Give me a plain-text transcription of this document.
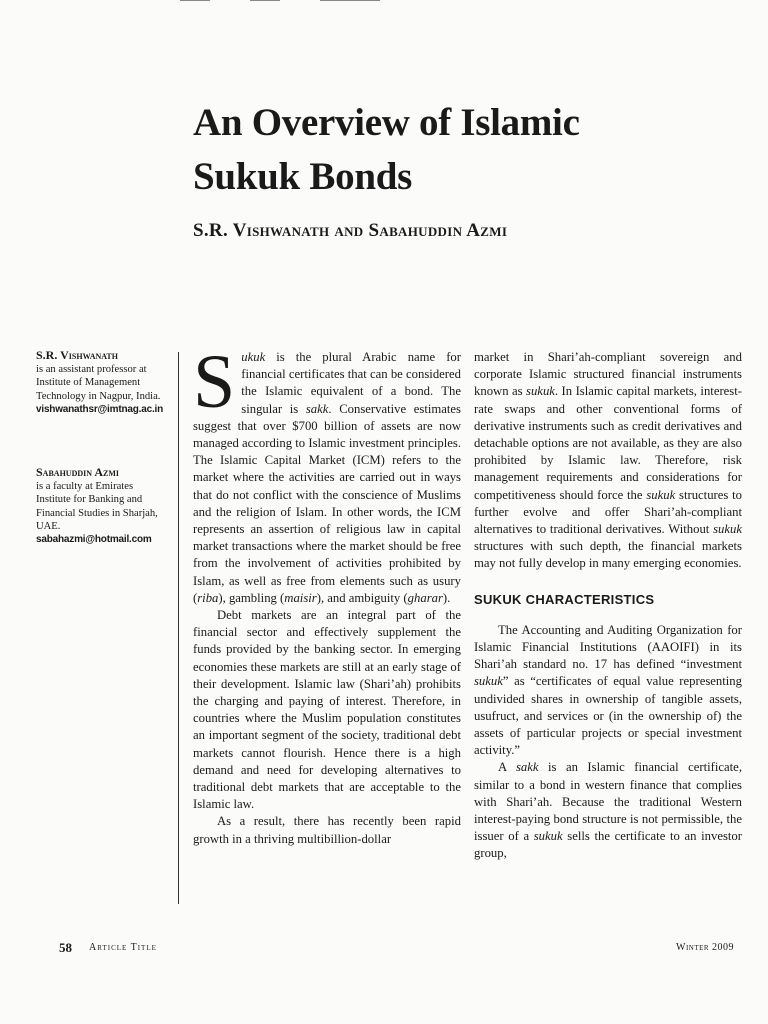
An Overview of Islamic
Sukuk Bonds
S.R. Vishwanath and Sabahuddin Azmi
S.R. Vishwanath
is an assistant professor at Institute of Management Technology in Nagpur, India.
vishwanathsr@imtnag.ac.in
Sabahuddin Azmi
is a faculty at Emirates Institute for Banking and Financial Studies in Sharjah, UAE.
sabahazmi@hotmail.com

Sukuk is the plural Arabic name for financial certificates that can be considered the Islamic equivalent of a bond. The singular is sakk. Conservative estimates suggest that over $700 billion of assets are now managed according to Islamic investment principles. The Islamic Capital Market (ICM) refers to the market where the activities are carried out in ways that do not conflict with the conscience of Muslims and the religion of Islam. In other words, the ICM represents an assertion of religious law in capital market transactions where the market should be free from the involvement of activities prohibited by Islam, as well as free from elements such as usury (riba), gambling (maisir), and ambiguity (gharar).

Debt markets are an integral part of the financial sector and effectively supplement the funds provided by the banking sector. In emerging economies these markets are still at an early stage of their development. Islamic law (Shari’ah) prohibits the charging and paying of interest. Therefore, in countries where the Muslim population constitutes an important segment of the society, traditional debt markets cannot flourish. Hence there is a high demand and need for developing alternatives to traditional debt markets that are acceptable to the Islamic law.

As a result, there has recently been rapid growth in a thriving multibillion-dollar

market in Shari’ah-compliant sovereign and corporate Islamic structured financial instruments known as sukuk. In Islamic capital markets, interest-rate swaps and other conventional forms of derivative instruments such as credit derivatives and detachable options are not available, as they are also prohibited by Islamic law. Therefore, risk management requirements and considerations for competitiveness should force the sukuk structures to further evolve and offer Shari’ah-compliant alternatives to traditional derivatives. Without sukuk structures with such depth, the financial markets may not fully develop in many emerging economies.

SUKUK CHARACTERISTICS

The Accounting and Auditing Organization for Islamic Financial Institutions (AAOIFI) in its Shari’ah standard no. 17 has defined “investment sukuk” as “certificates of equal value representing undivided shares in ownership of tangible assets, usufruct, and services or (in the ownership of) the assets of particular projects or special investment activity.”

A sakk is an Islamic financial certificate, similar to a bond in western finance that complies with Shari’ah. Because the traditional Western interest-paying bond structure is not permissible, the issuer of a sukuk sells the certificate to an investor group,

58 Article Title	Winter 2009
